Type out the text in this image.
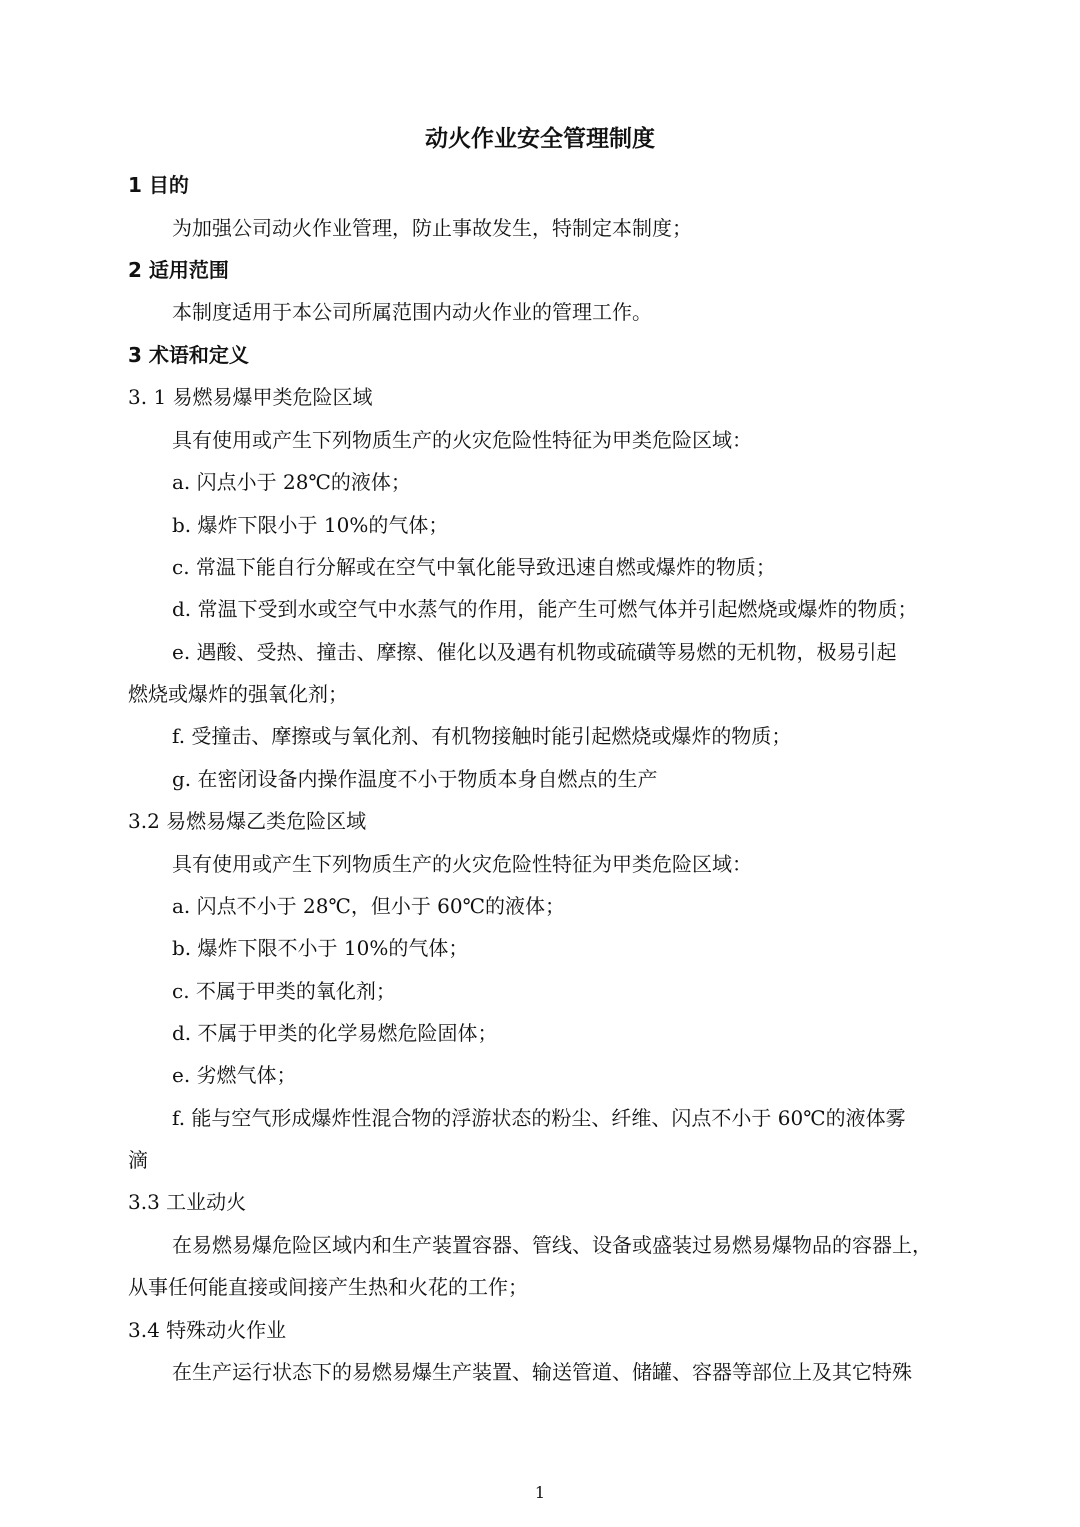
动火作业安全管理制度
1 目的
为加强公司动火作业管理，防止事故发生，特制定本制度；
2 适用范围
本制度适用于本公司所属范围内动火作业的管理工作。
3 术语和定义
3. 1 易燃易爆甲类危险区域
具有使用或产生下列物质生产的火灾危险性特征为甲类危险区域：
a. 闪点小于 28℃的液体；
b. 爆炸下限小于 10%的气体；
c. 常温下能自行分解或在空气中氧化能导致迅速自燃或爆炸的物质；
d. 常温下受到水或空气中水蒸气的作用，能产生可燃气体并引起燃烧或爆炸的物质；
e. 遇酸、受热、撞击、摩擦、催化以及遇有机物或硫磺等易燃的无机物，极易引起
燃烧或爆炸的强氧化剂；
f. 受撞击、摩擦或与氧化剂、有机物接触时能引起燃烧或爆炸的物质；
g. 在密闭设备内操作温度不小于物质本身自燃点的生产
3.2 易燃易爆乙类危险区域
具有使用或产生下列物质生产的火灾危险性特征为甲类危险区域：
a. 闪点不小于 28℃，但小于 60℃的液体；
b. 爆炸下限不小于 10%的气体；
c. 不属于甲类的氧化剂；
d. 不属于甲类的化学易燃危险固体；
e. 劣燃气体；
f. 能与空气形成爆炸性混合物的浮游状态的粉尘、纤维、闪点不小于 60℃的液体雾
滴
3.3 工业动火
在易燃易爆危险区域内和生产装置容器、管线、设备或盛装过易燃易爆物品的容器上，
从事任何能直接或间接产生热和火花的工作；
3.4 特殊动火作业
在生产运行状态下的易燃易爆生产装置、输送管道、储罐、容器等部位上及其它特殊
1
